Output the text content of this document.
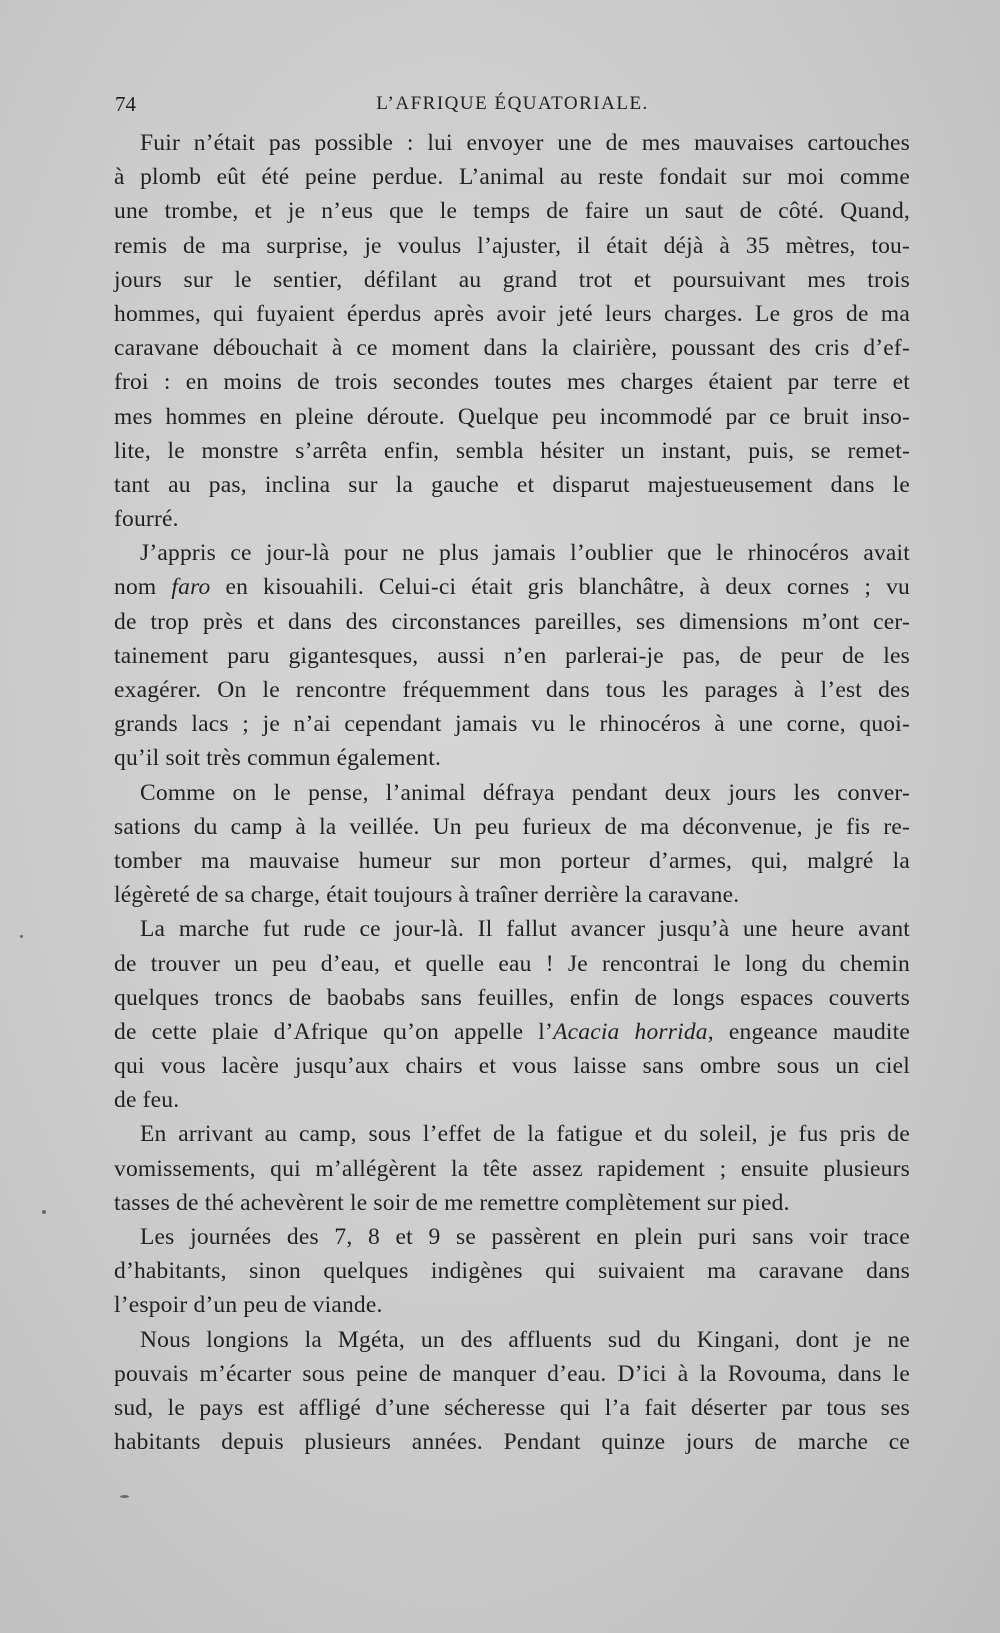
74	L’AFRIQUE ÉQUATORIALE.
Fuir n’était pas possible : lui envoyer une de mes mauvaises cartouches
à plomb eût été peine perdue. L’animal au reste fondait sur moi comme
une trombe, et je n’eus que le temps de faire un saut de côté. Quand,
remis de ma surprise, je voulus l’ajuster, il était déjà à 35 mètres, tou-
jours sur le sentier, défilant au grand trot et poursuivant mes trois
hommes, qui fuyaient éperdus après avoir jeté leurs charges. Le gros de ma
caravane débouchait à ce moment dans la clairière, poussant des cris d’ef-
froi : en moins de trois secondes toutes mes charges étaient par terre et
mes hommes en pleine déroute. Quelque peu incommodé par ce bruit inso-
lite, le monstre s’arrêta enfin, sembla hésiter un instant, puis, se remet-
tant au pas, inclina sur la gauche et disparut majestueusement dans le
fourré.
J’appris ce jour-là pour ne plus jamais l’oublier que le rhinocéros avait
nom faro en kisouahili. Celui-ci était gris blanchâtre, à deux cornes ; vu
de trop près et dans des circonstances pareilles, ses dimensions m’ont cer-
tainement paru gigantesques, aussi n’en parlerai-je pas, de peur de les
exagérer. On le rencontre fréquemment dans tous les parages à l’est des
grands lacs ; je n’ai cependant jamais vu le rhinocéros à une corne, quoi-
qu’il soit très commun également.
Comme on le pense, l’animal défraya pendant deux jours les conver-
sations du camp à la veillée. Un peu furieux de ma déconvenue, je fis re-
tomber ma mauvaise humeur sur mon porteur d’armes, qui, malgré la
légèreté de sa charge, était toujours à traîner derrière la caravane.
La marche fut rude ce jour-là. Il fallut avancer jusqu’à une heure avant
de trouver un peu d’eau, et quelle eau ! Je rencontrai le long du chemin
quelques troncs de baobabs sans feuilles, enfin de longs espaces couverts
de cette plaie d’Afrique qu’on appelle l’Acacia horrida, engeance maudite
qui vous lacère jusqu’aux chairs et vous laisse sans ombre sous un ciel
de feu.
En arrivant au camp, sous l’effet de la fatigue et du soleil, je fus pris de
vomissements, qui m’allégèrent la tête assez rapidement ; ensuite plusieurs
tasses de thé achevèrent le soir de me remettre complètement sur pied.
Les journées des 7, 8 et 9 se passèrent en plein puri sans voir trace
d’habitants, sinon quelques indigènes qui suivaient ma caravane dans
l’espoir d’un peu de viande.
Nous longions la Mgéta, un des affluents sud du Kingani, dont je ne
pouvais m’écarter sous peine de manquer d’eau. D’ici à la Rovouma, dans le
sud, le pays est affligé d’une sécheresse qui l’a fait déserter par tous ses
habitants depuis plusieurs années. Pendant quinze jours de marche ce
